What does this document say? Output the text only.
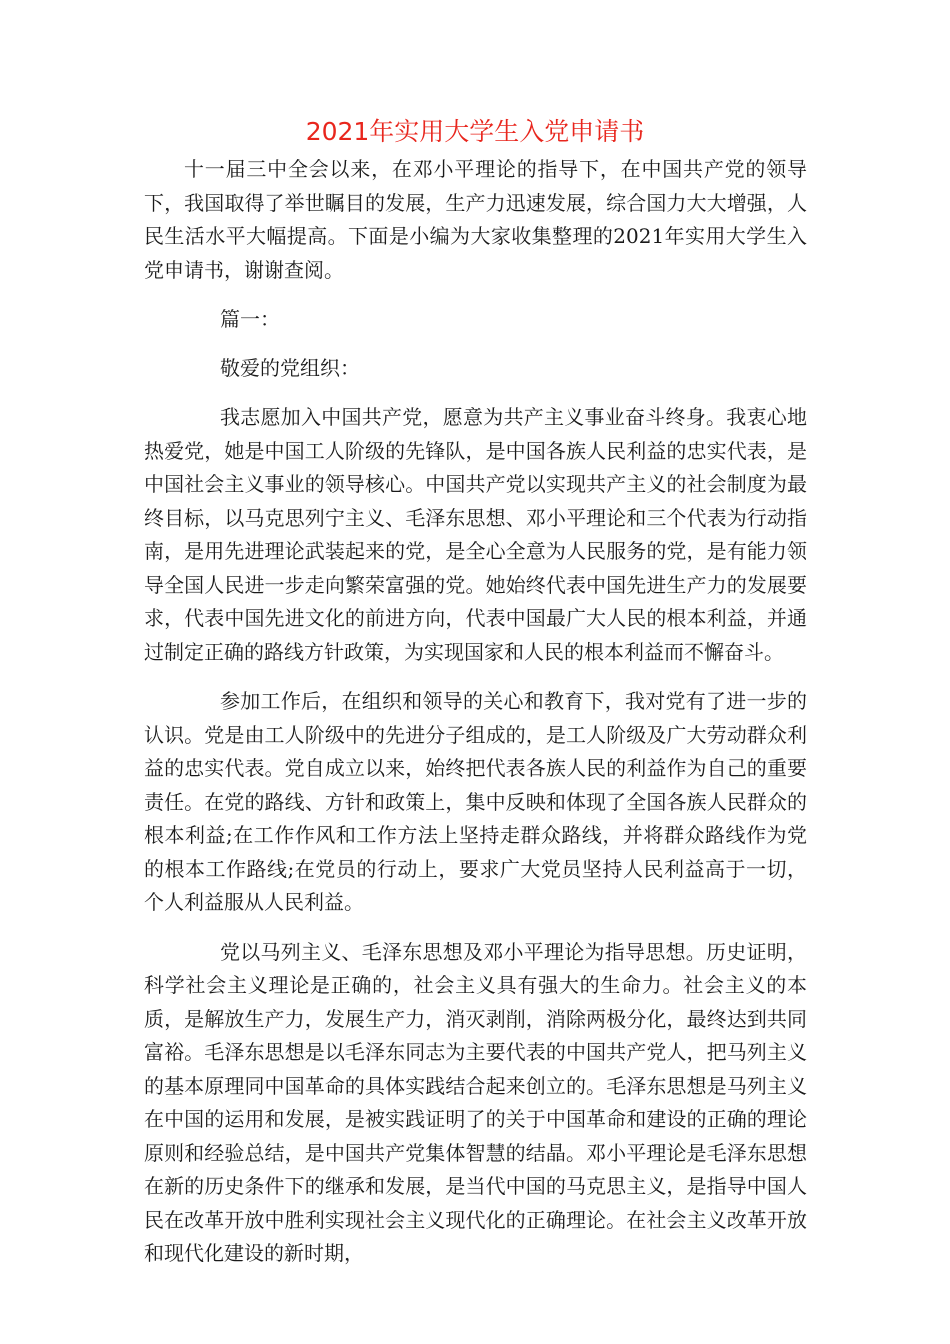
2021年实用大学生入党申请书

十一届三中全会以来，在邓小平理论的指导下，在中国共产党的领导下，我国取得了举世瞩目的发展，生产力迅速发展，综合国力大大增强，人民生活水平大幅提高。下面是小编为大家收集整理的2021年实用大学生入党申请书，谢谢查阅。

篇一：

敬爱的党组织：

我志愿加入中国共产党，愿意为共产主义事业奋斗终身。我衷心地热爱党，她是中国工人阶级的先锋队，是中国各族人民利益的忠实代表，是中国社会主义事业的领导核心。中国共产党以实现共产主义的社会制度为最终目标，以马克思列宁主义、毛泽东思想、邓小平理论和三个代表为行动指南，是用先进理论武装起来的党，是全心全意为人民服务的党，是有能力领导全国人民进一步走向繁荣富强的党。她始终代表中国先进生产力的发展要求，代表中国先进文化的前进方向，代表中国最广大人民的根本利益，并通过制定正确的路线方针政策，为实现国家和人民的根本利益而不懈奋斗。

参加工作后，在组织和领导的关心和教育下，我对党有了进一步的认识。党是由工人阶级中的先进分子组成的，是工人阶级及广大劳动群众利益的忠实代表。党自成立以来，始终把代表各族人民的利益作为自己的重要责任。在党的路线、方针和政策上，集中反映和体现了全国各族人民群众的根本利益;在工作作风和工作方法上坚持走群众路线，并将群众路线作为党的根本工作路线;在党员的行动上，要求广大党员坚持人民利益高于一切，个人利益服从人民利益。

党以马列主义、毛泽东思想及邓小平理论为指导思想。历史证明，科学社会主义理论是正确的，社会主义具有强大的生命力。社会主义的本质，是解放生产力，发展生产力，消灭剥削，消除两极分化，最终达到共同富裕。毛泽东思想是以毛泽东同志为主要代表的中国共产党人，把马列主义的基本原理同中国革命的具体实践结合起来创立的。毛泽东思想是马列主义在中国的运用和发展，是被实践证明了的关于中国革命和建设的正确的理论原则和经验总结，是中国共产党集体智慧的结晶。邓小平理论是毛泽东思想在新的历史条件下的继承和发展，是当代中国的马克思主义，是指导中国人民在改革开放中胜利实现社会主义现代化的正确理论。在社会主义改革开放和现代化建设的新时期，
